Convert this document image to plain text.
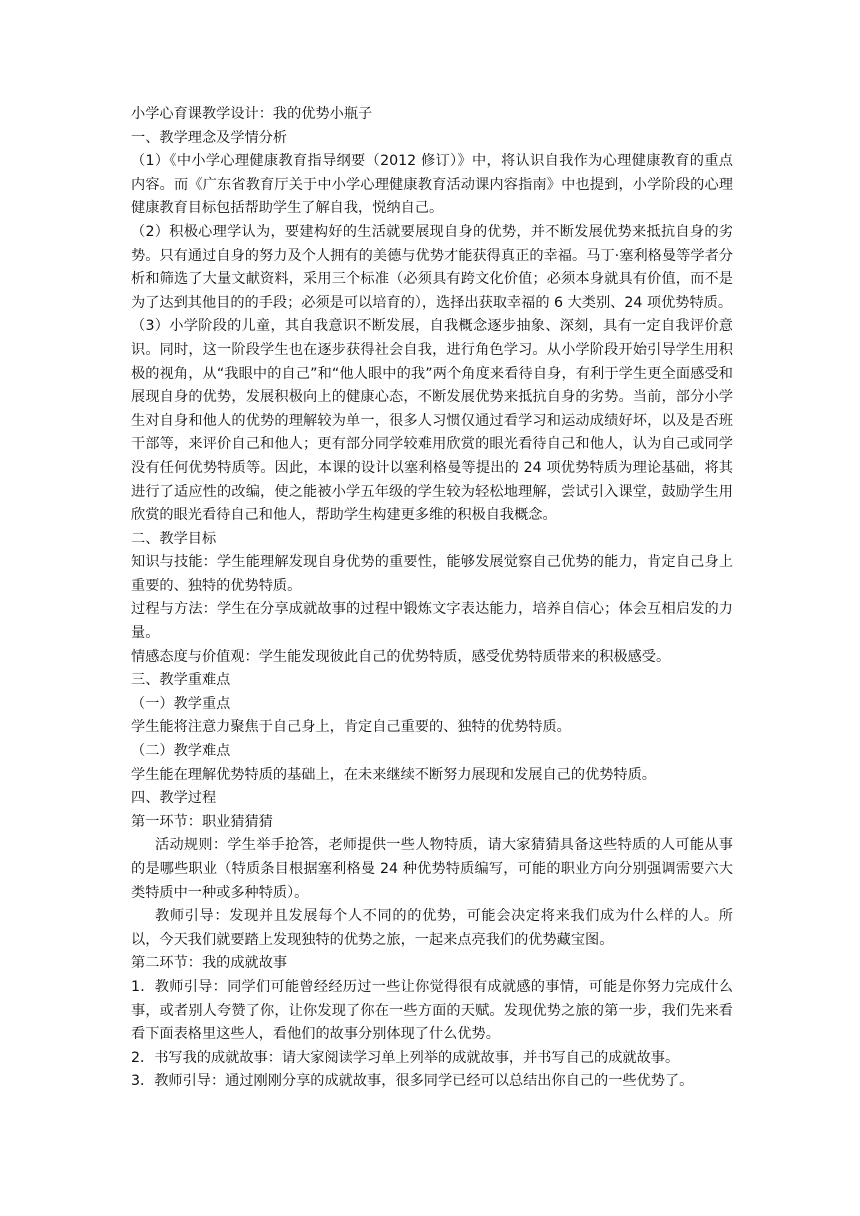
小学心育课教学设计：我的优势小瓶子

一、教学理念及学情分析

（1）《中小学心理健康教育指导纲要（2012 修订）》中，将认识自我作为心理健康教育的重点内容。而《广东省教育厅关于中小学心理健康教育活动课内容指南》中也提到，小学阶段的心理健康教育目标包括帮助学生了解自我，悦纳自己。

（2）积极心理学认为，要建构好的生活就要展现自身的优势，并不断发展优势来抵抗自身的劣势。只有通过自身的努力及个人拥有的美德与优势才能获得真正的幸福。马丁·塞利格曼等学者分析和筛选了大量文献资料，采用三个标准（必须具有跨文化价值；必须本身就具有价值，而不是为了达到其他目的的手段；必须是可以培育的），选择出获取幸福的 6 大类别、24 项优势特质。

（3）小学阶段的儿童，其自我意识不断发展，自我概念逐步抽象、深刻，具有一定自我评价意识。同时，这一阶段学生也在逐步获得社会自我，进行角色学习。从小学阶段开始引导学生用积极的视角，从“我眼中的自己”和“他人眼中的我”两个角度来看待自身，有利于学生更全面感受和展现自身的优势，发展积极向上的健康心态，不断发展优势来抵抗自身的劣势。当前，部分小学生对自身和他人的优势的理解较为单一，很多人习惯仅通过看学习和运动成绩好坏，以及是否班干部等，来评价自己和他人；更有部分同学较难用欣赏的眼光看待自己和他人，认为自己或同学没有任何优势特质等。因此，本课的设计以塞利格曼等提出的 24 项优势特质为理论基础，将其进行了适应性的改编，使之能被小学五年级的学生较为轻松地理解，尝试引入课堂，鼓励学生用欣赏的眼光看待自己和他人，帮助学生构建更多维的积极自我概念。

二、教学目标

知识与技能：学生能理解发现自身优势的重要性，能够发展觉察自己优势的能力，肯定自己身上重要的、独特的优势特质。

过程与方法：学生在分享成就故事的过程中锻炼文字表达能力，培养自信心；体会互相启发的力量。

情感态度与价值观：学生能发现彼此自己的优势特质，感受优势特质带来的积极感受。

三、教学重难点

（一）教学重点

学生能将注意力聚焦于自己身上，肯定自己重要的、独特的优势特质。

（二）教学难点

学生能在理解优势特质的基础上，在未来继续不断努力展现和发展自己的优势特质。

四、教学过程

第一环节：职业猜猜猜

活动规则：学生举手抢答，老师提供一些人物特质，请大家猜猜具备这些特质的人可能从事的是哪些职业（特质条目根据塞利格曼 24 种优势特质编写，可能的职业方向分别强调需要六大类特质中一种或多种特质）。

教师引导：发现并且发展每个人不同的的优势，可能会决定将来我们成为什么样的人。所以，今天我们就要踏上发现独特的优势之旅，一起来点亮我们的优势藏宝图。

第二环节：我的成就故事

1．教师引导：同学们可能曾经经历过一些让你觉得很有成就感的事情，可能是你努力完成什么事，或者别人夸赞了你，让你发现了你在一些方面的天赋。发现优势之旅的第一步，我们先来看看下面表格里这些人，看他们的故事分别体现了什么优势。

2．书写我的成就故事：请大家阅读学习单上列举的成就故事，并书写自己的成就故事。

3．教师引导：通过刚刚分享的成就故事，很多同学已经可以总结出你自己的一些优势了。
